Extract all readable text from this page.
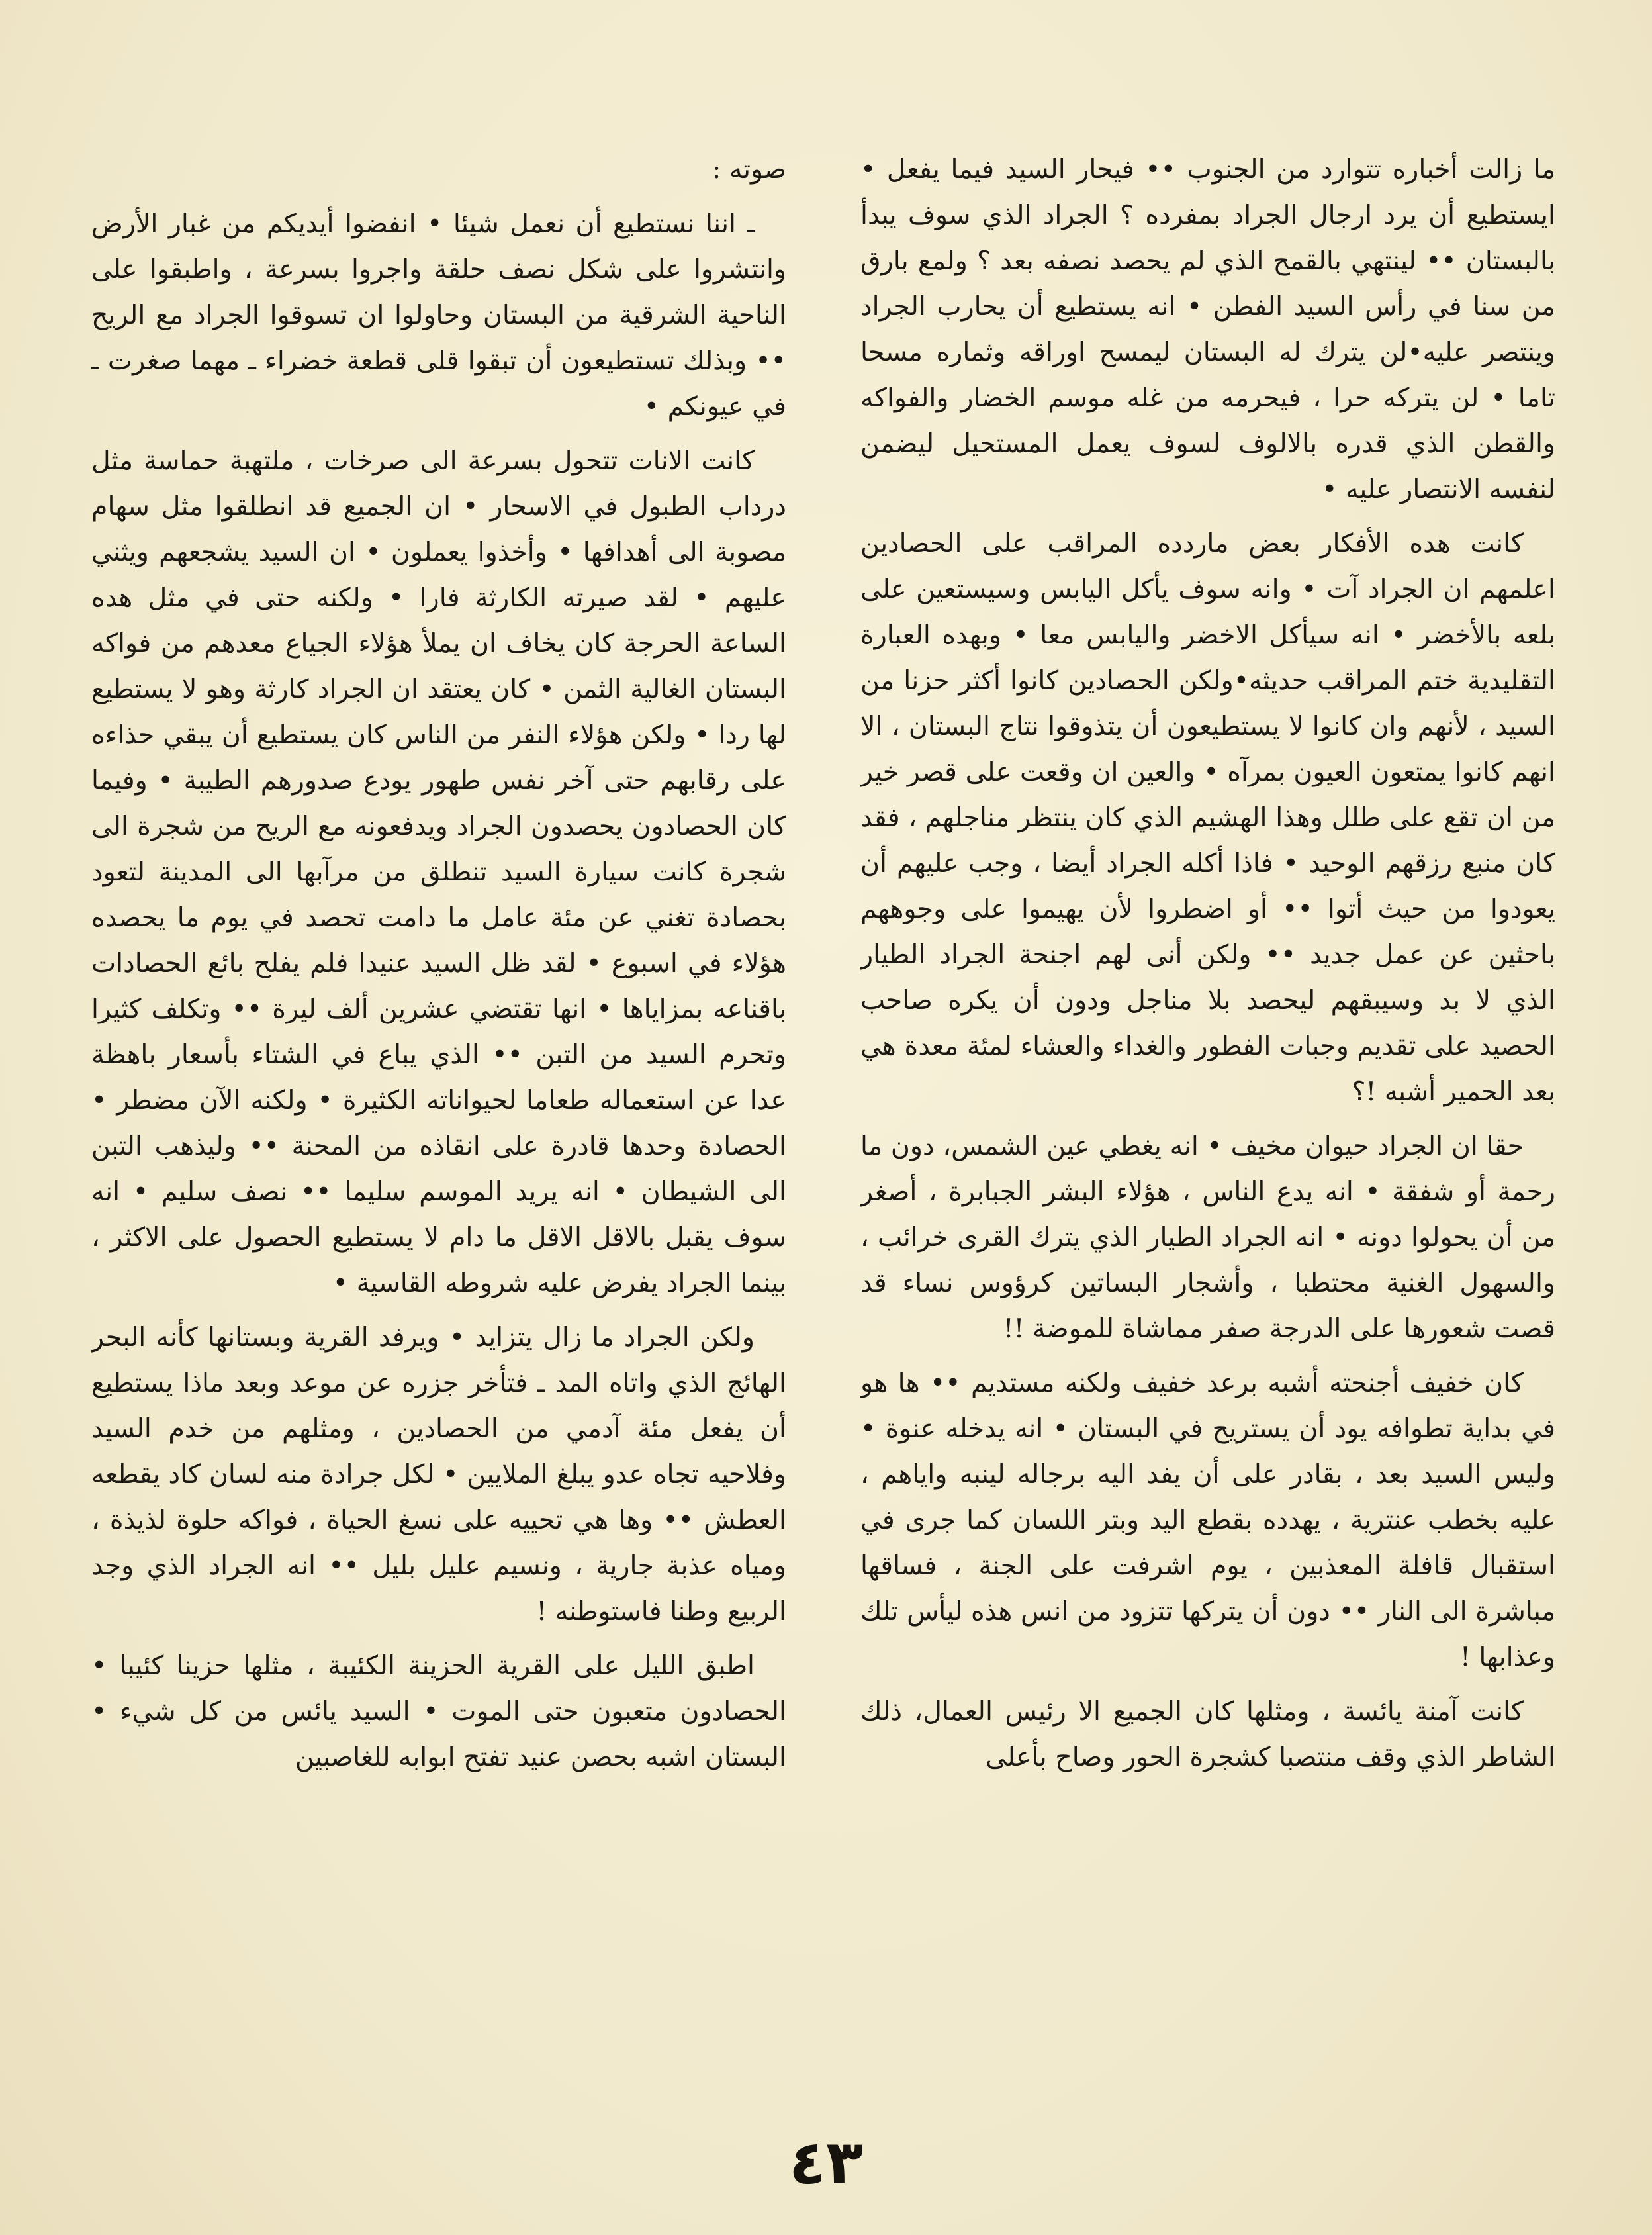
ما زالت أخباره تتوارد من الجنوب •• فيحار السيد فيما يفعل • ايستطيع أن يرد ارجال الجراد بمفرده ؟ الجراد الذي سوف يبدأ بالبستان •• لينتهي بالقمح الذي لم يحصد نصفه بعد ؟ ولمع بارق من سنا في رأس السيد الفطن • انه يستطيع أن يحارب الجراد وينتصر عليه•لن يترك له البستان ليمسح اوراقه وثماره مسحا تاما • لن يتركه حرا ، فيحرمه من غله موسم الخضار والفواكه والقطن الذي قدره بالالوف لسوف يعمل المستحيل ليضمن لنفسه الانتصار عليه •

كانت هده الأفكار بعض ماردده المراقب على الحصادين اعلمهم ان الجراد آت • وانه سوف يأكل اليابس وسيستعين على بلعه بالأخضر • انه سيأكل الاخضر واليابس معا • وبهده العبارة التقليدية ختم المراقب حديثه•ولكن الحصادين كانوا أكثر حزنا من السيد ، لأنهم وان كانوا لا يستطيعون أن يتذوقوا نتاج البستان ، الا انهم كانوا يمتعون العيون بمرآه • والعين ان وقعت على قصر خير من ان تقع على طلل وهذا الهشيم الذي كان ينتظر مناجلهم ، فقد كان منبع رزقهم الوحيد • فاذا أكله الجراد أيضا ، وجب عليهم أن يعودوا من حيث أتوا •• أو اضطروا لأن يهيموا على وجوههم باحثين عن عمل جديد •• ولكن أنى لهم اجنحة الجراد الطيار الذي لا بد وسيبقهم ليحصد بلا مناجل ودون أن يكره صاحب الحصيد على تقديم وجبات الفطور والغداء والعشاء لمئة معدة هي بعد الحمير أشبه !؟

حقا ان الجراد حيوان مخيف • انه يغطي عين الشمس، دون ما رحمة أو شفقة • انه يدع الناس ، هؤلاء البشر الجبابرة ، أصغر من أن يحولوا دونه • انه الجراد الطيار الذي يترك القرى خرائب ، والسهول الغنية محتطبا ، وأشجار البساتين كرؤوس نساء قد قصت شعورها على الدرجة صفر مماشاة للموضة !!

كان خفيف أجنحته أشبه برعد خفيف ولكنه مستديم •• ها هو في بداية تطوافه يود أن يستريح في البستان • انه يدخله عنوة • وليس السيد بعد ، بقادر على أن يفد اليه برجاله لينبه واياهم ، عليه بخطب عنترية ، يهدده بقطع اليد وبتر اللسان كما جرى في استقبال قافلة المعذبين ، يوم اشرفت على الجنة ، فساقها مباشرة الى النار •• دون أن يتركها تتزود من انس هذه ليأس تلك وعذابها !

كانت آمنة يائسة ، ومثلها كان الجميع الا رئيس العمال، ذلك الشاطر الذي وقف منتصبا كشجرة الحور وصاح بأعلى

صوته :

ـ اننا نستطيع أن نعمل شيئا • انفضوا أيديكم من غبار الأرض وانتشروا على شكل نصف حلقة واجروا بسرعة ، واطبقوا على الناحية الشرقية من البستان وحاولوا ان تسوقوا الجراد مع الريح •• وبذلك تستطيعون أن تبقوا قلى قطعة خضراء ـ مهما صغرت ـ في عيونكم •

كانت الانات تتحول بسرعة الى صرخات ، ملتهبة حماسة مثل درداب الطبول في الاسحار • ان الجميع قد انطلقوا مثل سهام مصوبة الى أهدافها • وأخذوا يعملون • ان السيد يشجعهم ويثني عليهم • لقد صيرته الكارثة فارا • ولكنه حتى في مثل هده الساعة الحرجة كان يخاف ان يملأ هؤلاء الجياع معدهم من فواكه البستان الغالية الثمن • كان يعتقد ان الجراد كارثة وهو لا يستطيع لها ردا • ولكن هؤلاء النفر من الناس كان يستطيع أن يبقي حذاءه على رقابهم حتى آخر نفس طهور يودع صدورهم الطيبة • وفيما كان الحصادون يحصدون الجراد ويدفعونه مع الريح من شجرة الى شجرة كانت سيارة السيد تنطلق من مرآبها الى المدينة لتعود بحصادة تغني عن مئة عامل ما دامت تحصد في يوم ما يحصده هؤلاء في اسبوع • لقد ظل السيد عنيدا فلم يفلح بائع الحصادات باقناعه بمزاياها • انها تقتضي عشرين ألف ليرة •• وتكلف كثيرا وتحرم السيد من التبن •• الذي يباع في الشتاء بأسعار باهظة عدا عن استعماله طعاما لحيواناته الكثيرة • ولكنه الآن مضطر • الحصادة وحدها قادرة على انقاذه من المحنة •• وليذهب التبن الى الشيطان • انه يريد الموسم سليما •• نصف سليم • انه سوف يقبل بالاقل الاقل ما دام لا يستطيع الحصول على الاكثر ، بينما الجراد يفرض عليه شروطه القاسية •

ولكن الجراد ما زال يتزايد • ويرفد القرية وبستانها كأنه البحر الهائج الذي واتاه المد ـ فتأخر جزره عن موعد وبعد ماذا يستطيع أن يفعل مئة آدمي من الحصادين ، ومثلهم من خدم السيد وفلاحيه تجاه عدو يبلغ الملايين • لكل جرادة منه لسان كاد يقطعه العطش •• وها هي تحييه على نسغ الحياة ، فواكه حلوة لذيذة ، ومياه عذبة جارية ، ونسيم عليل بليل •• انه الجراد الذي وجد الربيع وطنا فاستوطنه !

اطبق الليل على القرية الحزينة الكئيبة ، مثلها حزينا كئيبا • الحصادون متعبون حتى الموت • السيد يائس من كل شيء • البستان اشبه بحصن عنيد تفتح ابوابه للغاصبين

٤٣
